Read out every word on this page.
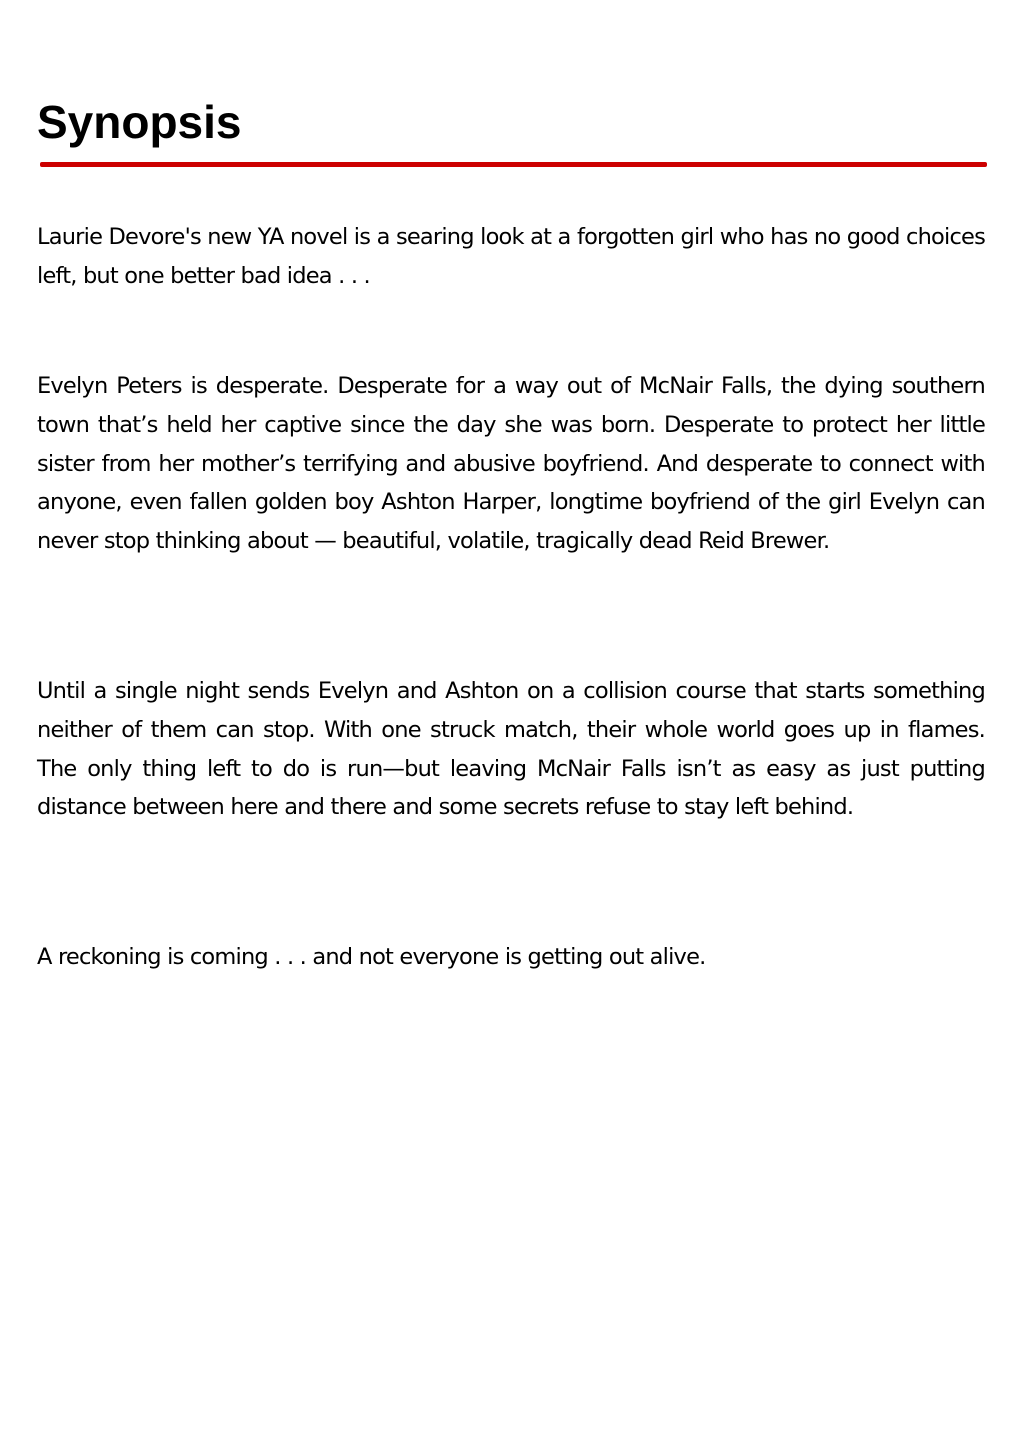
Synopsis

Laurie Devore's new YA novel is a searing look at a forgotten girl who has no good choices left, but one better bad idea . . .

Evelyn Peters is desperate. Desperate for a way out of McNair Falls, the dying southern town that’s held her captive since the day she was born. Desperate to protect her little sister from her mother’s terrifying and abusive boyfriend. And desperate to connect with anyone, even fallen golden boy Ashton Harper, longtime boyfriend of the girl Evelyn can never stop thinking about — beautiful, volatile, tragically dead Reid Brewer.

Until a single night sends Evelyn and Ashton on a collision course that starts something neither of them can stop. With one struck match, their whole world goes up in flames. The only thing left to do is run—but leaving McNair Falls isn’t as easy as just putting distance between here and there and some secrets refuse to stay left behind.

A reckoning is coming . . . and not everyone is getting out alive.
